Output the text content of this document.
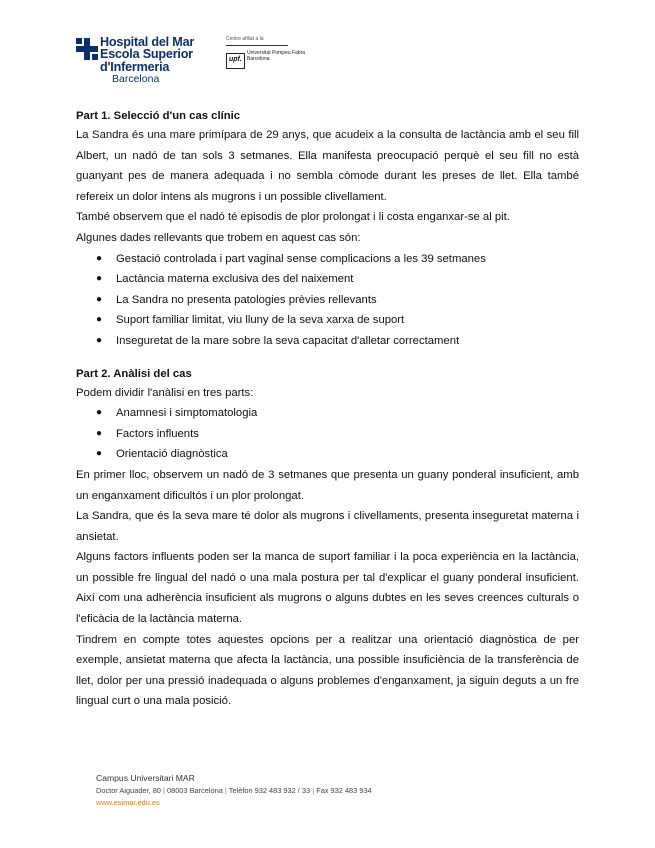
Hospital del Mar
Escola Superior
d'Infermeria
Barcelona
Centre afiliat a la
upf.
Universitat Pompeu Fabra Barcelona

Part 1. Selecció d'un cas clínic

La Sandra és una mare primípara de 29 anys, que acudeix a la consulta de lactància amb el seu fill Albert, un nadó de tan sols 3 setmanes. Ella manifesta preocupació perquè el seu fill no està guanyant pes de manera adequada i no sembla còmode durant les preses de llet. Ella també refereix un dolor intens als mugrons i un possible clivellament.

També observem que el nadó té episodis de plor prolongat i li costa enganxar-se al pit.

Algunes dades rellevants que trobem en aquest cas són:

● Gestació controlada i part vaginal sense complicacions a les 39 setmanes
● Lactància materna exclusiva des del naixement
● La Sandra no presenta patologies prèvies rellevants
● Suport familiar limitat, viu lluny de la seva xarxa de suport
● Inseguretat de la mare sobre la seva capacitat d'alletar correctament

Part 2. Anàlisi del cas

Podem dividir l'anàlisi en tres parts:

● Anamnesi i simptomatologia
● Factors influents
● Orientació diagnòstica

En primer lloc, observem un nadó de 3 setmanes que presenta un guany ponderal insuficient, amb un enganxament dificultós i un plor prolongat.

La Sandra, que és la seva mare té dolor als mugrons i clivellaments, presenta inseguretat materna i ansietat.

Alguns factors influents poden ser la manca de suport familiar i la poca experiència en la lactància, un possible fre lingual del nadó o una mala postura per tal d'explicar el guany ponderal insuficient. Així com una adherència insuficient als mugrons o alguns dubtes en les seves creences culturals o l'eficàcia de la lactància materna.

Tindrem en compte totes aquestes opcions per a realitzar una orientació diagnòstica de per exemple, ansietat materna que afecta la lactància, una possible insuficiència de la transferència de llet, dolor per una pressió inadequada o alguns problemes d'enganxament, ja siguin deguts a un fre lingual curt o una mala posició.

Campus Universitari MAR
Doctor Aiguader, 80 | 08003 Barcelona | Telèfon 932 483 932 / 33 | Fax 932 483 934
www.esimar.edu.es
